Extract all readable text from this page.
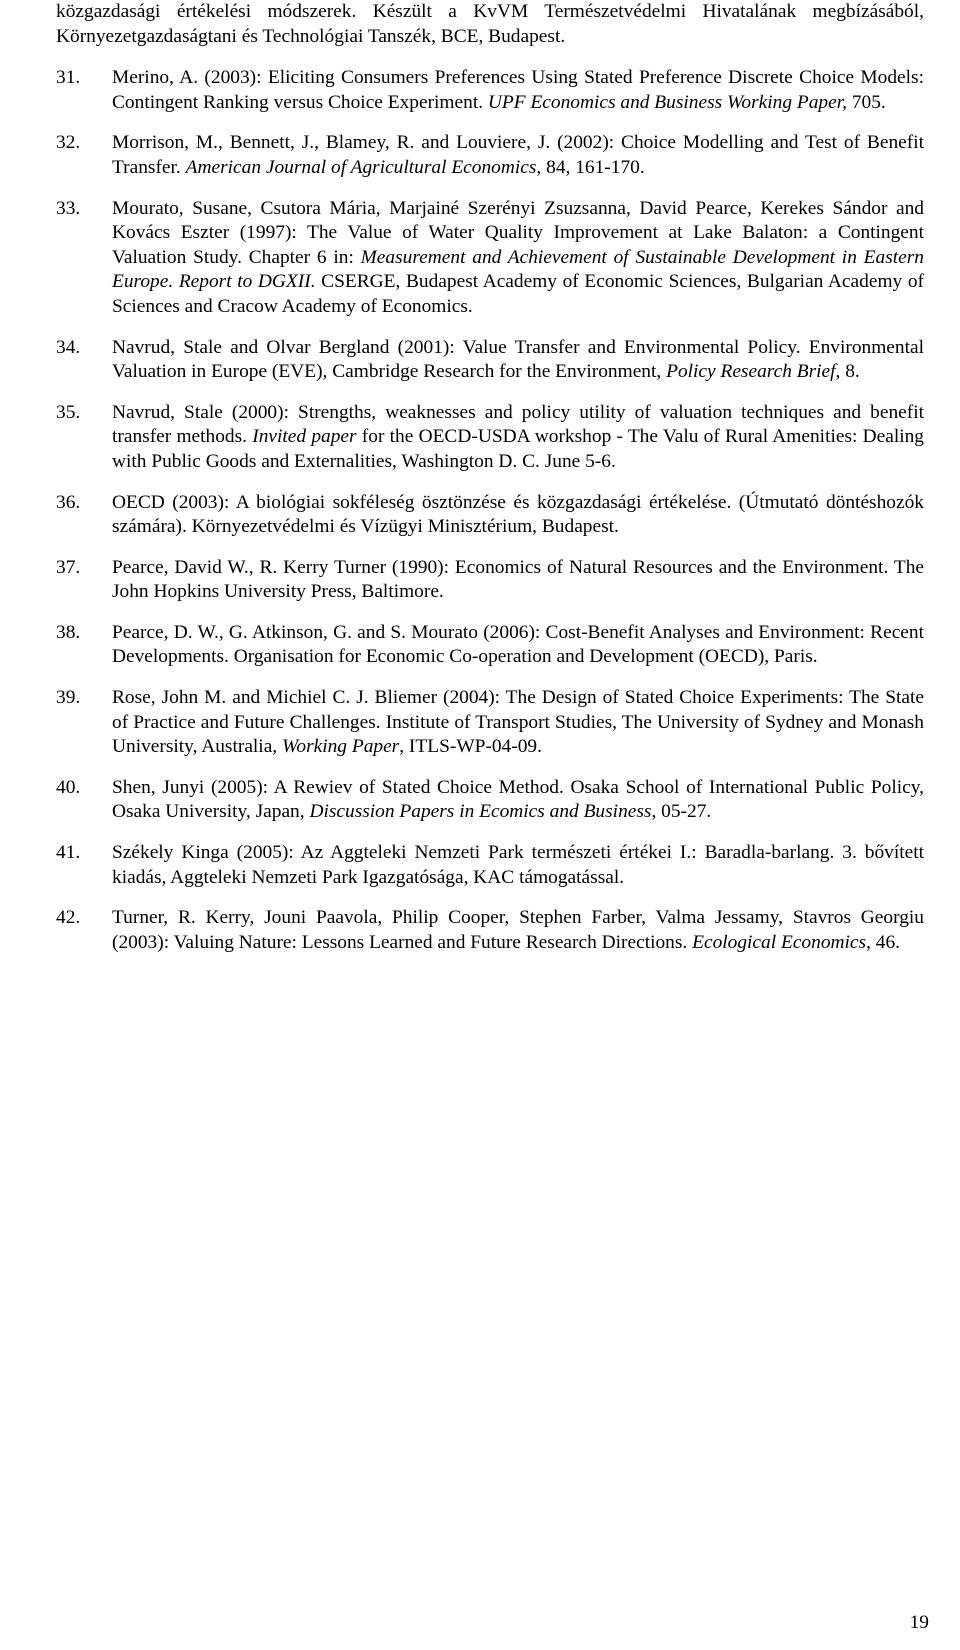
közgazdasági értékelési módszerek. Készült a KvVM Természetvédelmi Hivatalának megbízásából, Környezetgazdaságtani és Technológiai Tanszék, BCE, Budapest.
31. Merino, A. (2003): Eliciting Consumers Preferences Using Stated Preference Discrete Choice Models: Contingent Ranking versus Choice Experiment. UPF Economics and Business Working Paper, 705.
32. Morrison, M., Bennett, J., Blamey, R. and Louviere, J. (2002): Choice Modelling and Test of Benefit Transfer. American Journal of Agricultural Economics, 84, 161-170.
33. Mourato, Susane, Csutora Mária, Marjainé Szerényi Zsuzsanna, David Pearce, Kerekes Sándor and Kovács Eszter (1997): The Value of Water Quality Improvement at Lake Balaton: a Contingent Valuation Study. Chapter 6 in: Measurement and Achievement of Sustainable Development in Eastern Europe. Report to DGXII. CSERGE, Budapest Academy of Economic Sciences, Bulgarian Academy of Sciences and Cracow Academy of Economics.
34. Navrud, Stale and Olvar Bergland (2001): Value Transfer and Environmental Policy. Environmental Valuation in Europe (EVE), Cambridge Research for the Environment, Policy Research Brief, 8.
35. Navrud, Stale (2000): Strengths, weaknesses and policy utility of valuation techniques and benefit transfer methods. Invited paper for the OECD-USDA workshop - The Valu of Rural Amenities: Dealing with Public Goods and Externalities, Washington D. C. June 5-6.
36. OECD (2003): A biológiai sokféleség ösztönzése és közgazdasági értékelése. (Útmutató döntéshozók számára). Környezetvédelmi és Vízügyi Minisztérium, Budapest.
37. Pearce, David W., R. Kerry Turner (1990): Economics of Natural Resources and the Environment. The John Hopkins University Press, Baltimore.
38. Pearce, D. W., G. Atkinson, G. and S. Mourato (2006): Cost-Benefit Analyses and Environment: Recent Developments. Organisation for Economic Co-operation and Development (OECD), Paris.
39. Rose, John M. and Michiel C. J. Bliemer (2004): The Design of Stated Choice Experiments: The State of Practice and Future Challenges. Institute of Transport Studies, The University of Sydney and Monash University, Australia, Working Paper, ITLS-WP-04-09.
40. Shen, Junyi (2005): A Rewiev of Stated Choice Method. Osaka School of International Public Policy, Osaka University, Japan, Discussion Papers in Ecomics and Business, 05-27.
41. Székely Kinga (2005): Az Aggteleki Nemzeti Park természeti értékei I.: Baradla-barlang. 3. bővített kiadás, Aggteleki Nemzeti Park Igazgatósága, KAC támogatással.
42. Turner, R. Kerry, Jouni Paavola, Philip Cooper, Stephen Farber, Valma Jessamy, Stavros Georgiu (2003): Valuing Nature: Lessons Learned and Future Research Directions. Ecological Economics, 46.
19
